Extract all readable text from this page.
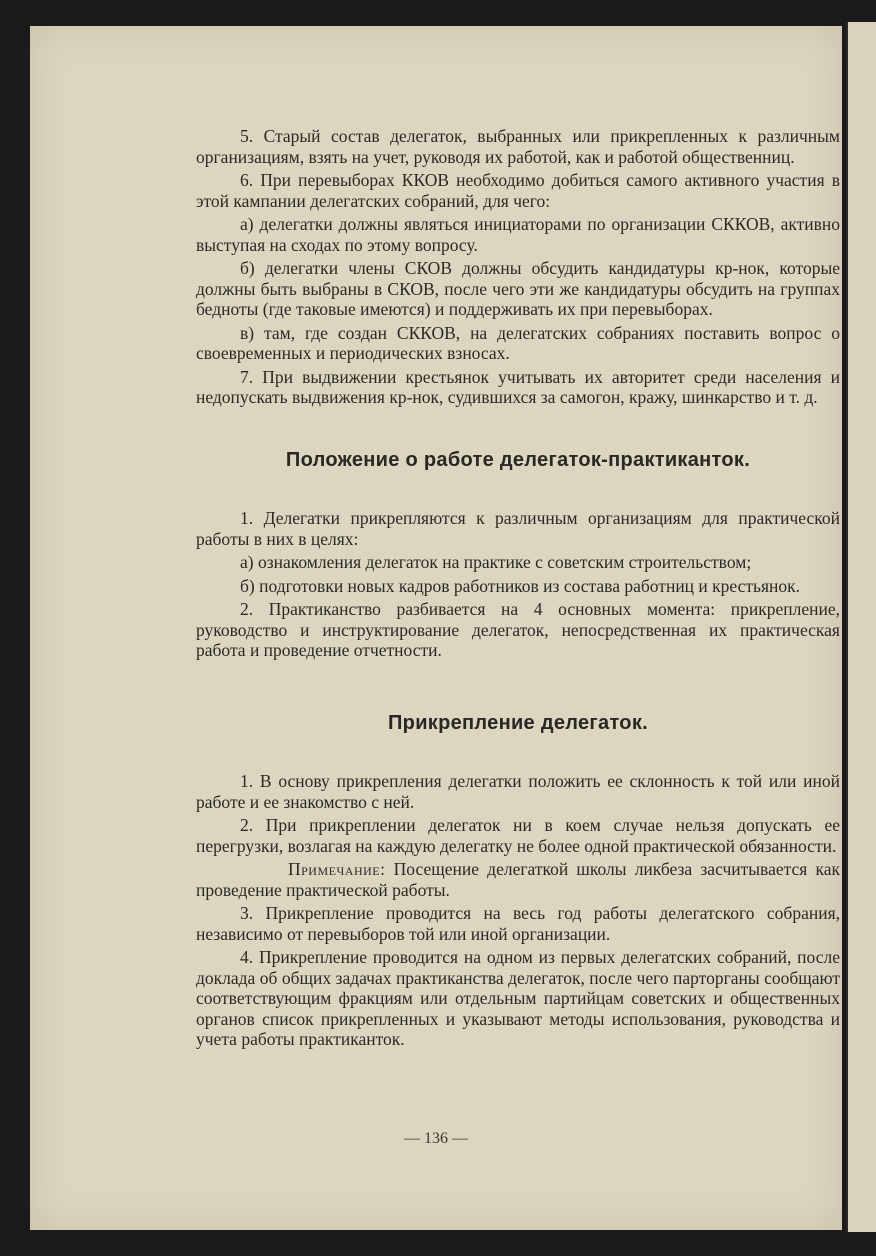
5. Старый состав делегаток, выбранных или прикрепленных к различным организациям, взять на учет, руководя их работой, как и работой общественниц.

6. При перевыборах ККОВ необходимо добиться самого активного участия в этой кампании делегатских собраний, для чего:

а) делегатки должны являться инициаторами по организации СККОВ, активно выступая на сходах по этому вопросу.

б) делегатки члены СКОВ должны обсудить кандидатуры кр-нок, которые должны быть выбраны в СКОВ, после чего эти же кандидатуры обсудить на группах бедноты (где таковые имеются) и поддерживать их при перевыборах.

в) там, где создан СККОВ, на делегатских собраниях поставить вопрос о своевременных и периодических взносах.

7. При выдвижении крестьянок учитывать их авторитет среди населения и недопускать выдвижения кр-нок, судившихся за самогон, кражу, шинкарство и т. д.

Положение о работе делегаток-практиканток.

1. Делегатки прикрепляются к различным организациям для практической работы в них в целях:

а) ознакомления делегаток на практике с советским строительством;

б) подготовки новых кадров работников из состава работниц и крестьянок.

2. Практиканство разбивается на 4 основных момента: прикрепление, руководство и инструктирование делегаток, непосредственная их практическая работа и проведение отчетности.

Прикрепление делегаток.

1. В основу прикрепления делегатки положить ее склонность к той или иной работе и ее знакомство с ней.

2. При прикреплении делегаток ни в коем случае нельзя допускать ее перегрузки, возлагая на каждую делегатку не более одной практической обязанности.

Примечание: Посещение делегаткой школы ликбеза засчитывается как проведение практической работы.

3. Прикрепление проводится на весь год работы делегатского собрания, независимо от перевыборов той или иной организации.

4. Прикрепление проводится на одном из первых делегатских собраний, после доклада об общих задачах практиканства делегаток, после чего парторганы сообщают соответствующим фракциям или отдельным партийцам советских и общественных органов список прикрепленных и указывают методы использования, руководства и учета работы практиканток.

— 136 —
